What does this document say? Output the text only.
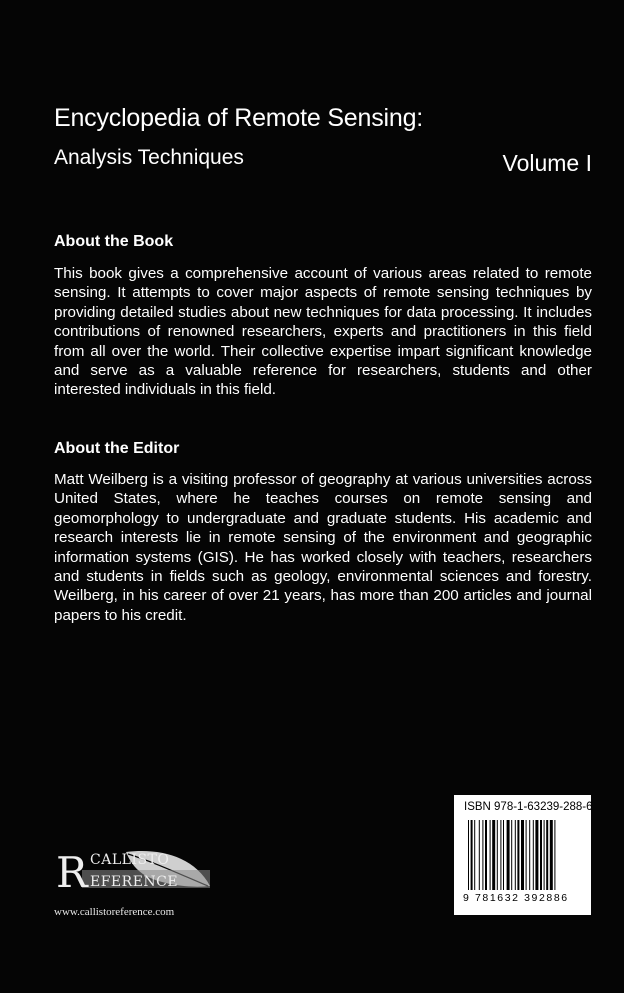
Encyclopedia of Remote Sensing:
Analysis Techniques	Volume I
About the Book

This book gives a comprehensive account of various areas related to remote sensing. It attempts to cover major aspects of remote sensing techniques by providing detailed studies about new techniques for data processing. It includes contributions of renowned researchers, experts and practitioners in this field from all over the world. Their collective expertise impart significant knowledge and serve as a valuable reference for researchers, students and other interested individuals in this field.

About the Editor

Matt Weilberg is a visiting professor of geography at various universities across United States, where he teaches courses on remote sensing and geomorphology to undergraduate and graduate students. His academic and research interests lie in remote sensing of the environment and geographic information systems (GIS). He has worked closely with teachers, researchers and students in fields such as geology, environmental sciences and forestry. Weilberg, in his career of over 21 years, has more than 200 articles and journal papers to his credit.

R CALLISTO
EFERENCE
www.callistoreference.com
ISBN 978-1-63239-288-6
9 781632 392886
